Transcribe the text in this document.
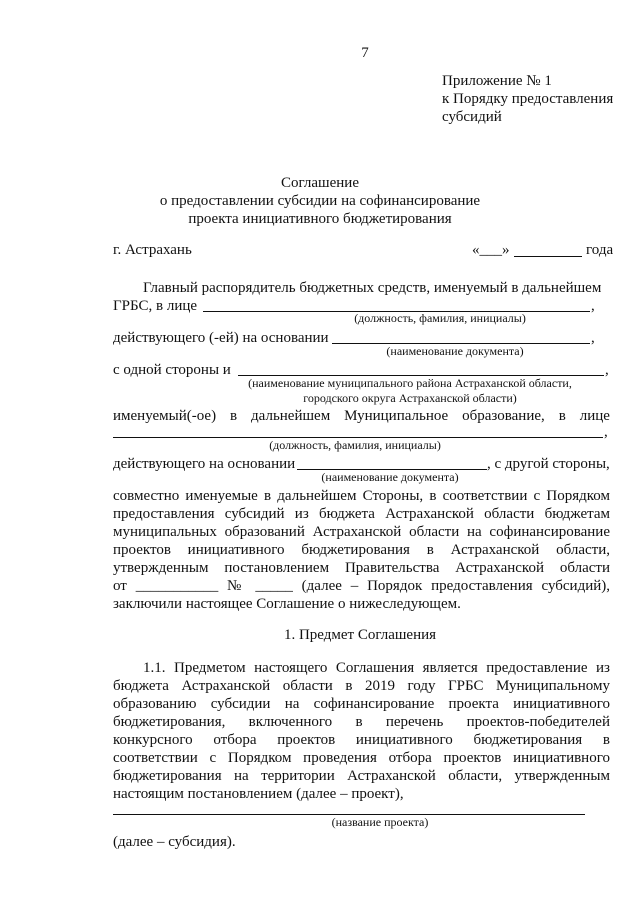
7
Приложение № 1
к Порядку предоставления
субсидий
Соглашение
о предоставлении субсидии на софинансирование
проекта инициативного бюджетирования
г. Астрахань	«___»	года
Главный распорядитель бюджетных средств, именуемый в дальнейшем
ГРБС, в лице	,
(должность, фамилия, инициалы)
действующего (-ей) на основании	,
(наименование документа)
с одной стороны и	,
(наименование муниципального района Астраханской области,
городского округа Астраханской области)
именуемый(-ое) в дальнейшем Муниципальное образование, в лице
,
(должность, фамилия, инициалы)
действующего на основании	, с другой стороны,
(наименование документа)
совместно именуемые в дальнейшем Стороны, в соответствии с Порядком
предоставления субсидий из бюджета Астраханской области бюджетам
муниципальных образований Астраханской области на софинансирование
проектов инициативного бюджетирования в Астраханской области,
утвержденным постановлением Правительства Астраханской области
от ___________ № _____ (далее – Порядок предоставления субсидий),
заключили настоящее Соглашение о нижеследующем.
1. Предмет Соглашения
1.1. Предметом настоящего Соглашения является предоставление из
бюджета Астраханской области в 2019 году ГРБС Муниципальному
образованию субсидии на софинансирование проекта инициативного
бюджетирования, включенного в перечень проектов-победителей
конкурсного отбора проектов инициативного бюджетирования в
соответствии с Порядком проведения отбора проектов инициативного
бюджетирования на территории Астраханской области, утвержденным
настоящим постановлением (далее – проект),
(название проекта)
(далее – субсидия).
